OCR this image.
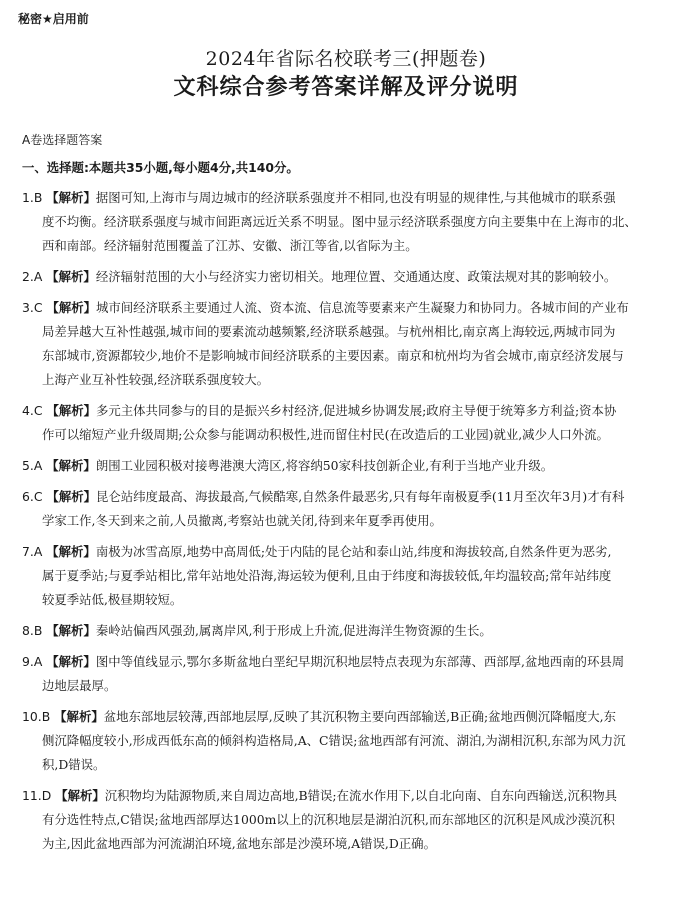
秘密★启用前
2024年省际名校联考三(押题卷)
文科综合参考答案详解及评分说明
A卷选择题答案
一、选择题:本题共35小题,每小题4分,共140分。
1.B 【解析】据图可知,上海市与周边城市的经济联系强度并不相同,也没有明显的规律性,与其他城市的联系强
度不均衡。经济联系强度与城市间距离远近关系不明显。图中显示经济联系强度方向主要集中在上海市的北、
西和南部。经济辐射范围覆盖了江苏、安徽、浙江等省,以省际为主。
2.A 【解析】经济辐射范围的大小与经济实力密切相关。地理位置、交通通达度、政策法规对其的影响较小。
3.C 【解析】城市间经济联系主要通过人流、资本流、信息流等要素来产生凝聚力和协同力。各城市间的产业布
局差异越大互补性越强,城市间的要素流动越频繁,经济联系越强。与杭州相比,南京离上海较远,两城市同为
东部城市,资源都较少,地价不是影响城市间经济联系的主要因素。南京和杭州均为省会城市,南京经济发展与
上海产业互补性较强,经济联系强度较大。
4.C 【解析】多元主体共同参与的目的是振兴乡村经济,促进城乡协调发展;政府主导便于统筹多方利益;资本协
作可以缩短产业升级周期;公众参与能调动积极性,进而留住村民(在改造后的工业园)就业,减少人口外流。
5.A 【解析】朗围工业园积极对接粤港澳大湾区,将容纳50家科技创新企业,有利于当地产业升级。
6.C 【解析】昆仑站纬度最高、海拔最高,气候酷寒,自然条件最恶劣,只有每年南极夏季(11月至次年3月)才有科
学家工作,冬天到来之前,人员撤离,考察站也就关闭,待到来年夏季再使用。
7.A 【解析】南极为冰雪高原,地势中高周低;处于内陆的昆仑站和泰山站,纬度和海拔较高,自然条件更为恶劣,
属于夏季站;与夏季站相比,常年站地处沿海,海运较为便利,且由于纬度和海拔较低,年均温较高;常年站纬度
较夏季站低,极昼期较短。
8.B 【解析】秦岭站偏西风强劲,属离岸风,利于形成上升流,促进海洋生物资源的生长。
9.A 【解析】图中等值线显示,鄂尔多斯盆地白垩纪早期沉积地层特点表现为东部薄、西部厚,盆地西南的环县周
边地层最厚。
10.B 【解析】盆地东部地层较薄,西部地层厚,反映了其沉积物主要向西部输送,B正确;盆地西侧沉降幅度大,东
侧沉降幅度较小,形成西低东高的倾斜构造格局,A、C错误;盆地西部有河流、湖泊,为湖相沉积,东部为风力沉
积,D错误。
11.D 【解析】沉积物均为陆源物质,来自周边高地,B错误;在流水作用下,以自北向南、自东向西输送,沉积物具
有分选性特点,C错误;盆地西部厚达1000m以上的沉积地层是湖泊沉积,而东部地区的沉积是风成沙漠沉积
为主,因此盆地西部为河流湖泊环境,盆地东部是沙漠环境,A错误,D正确。
